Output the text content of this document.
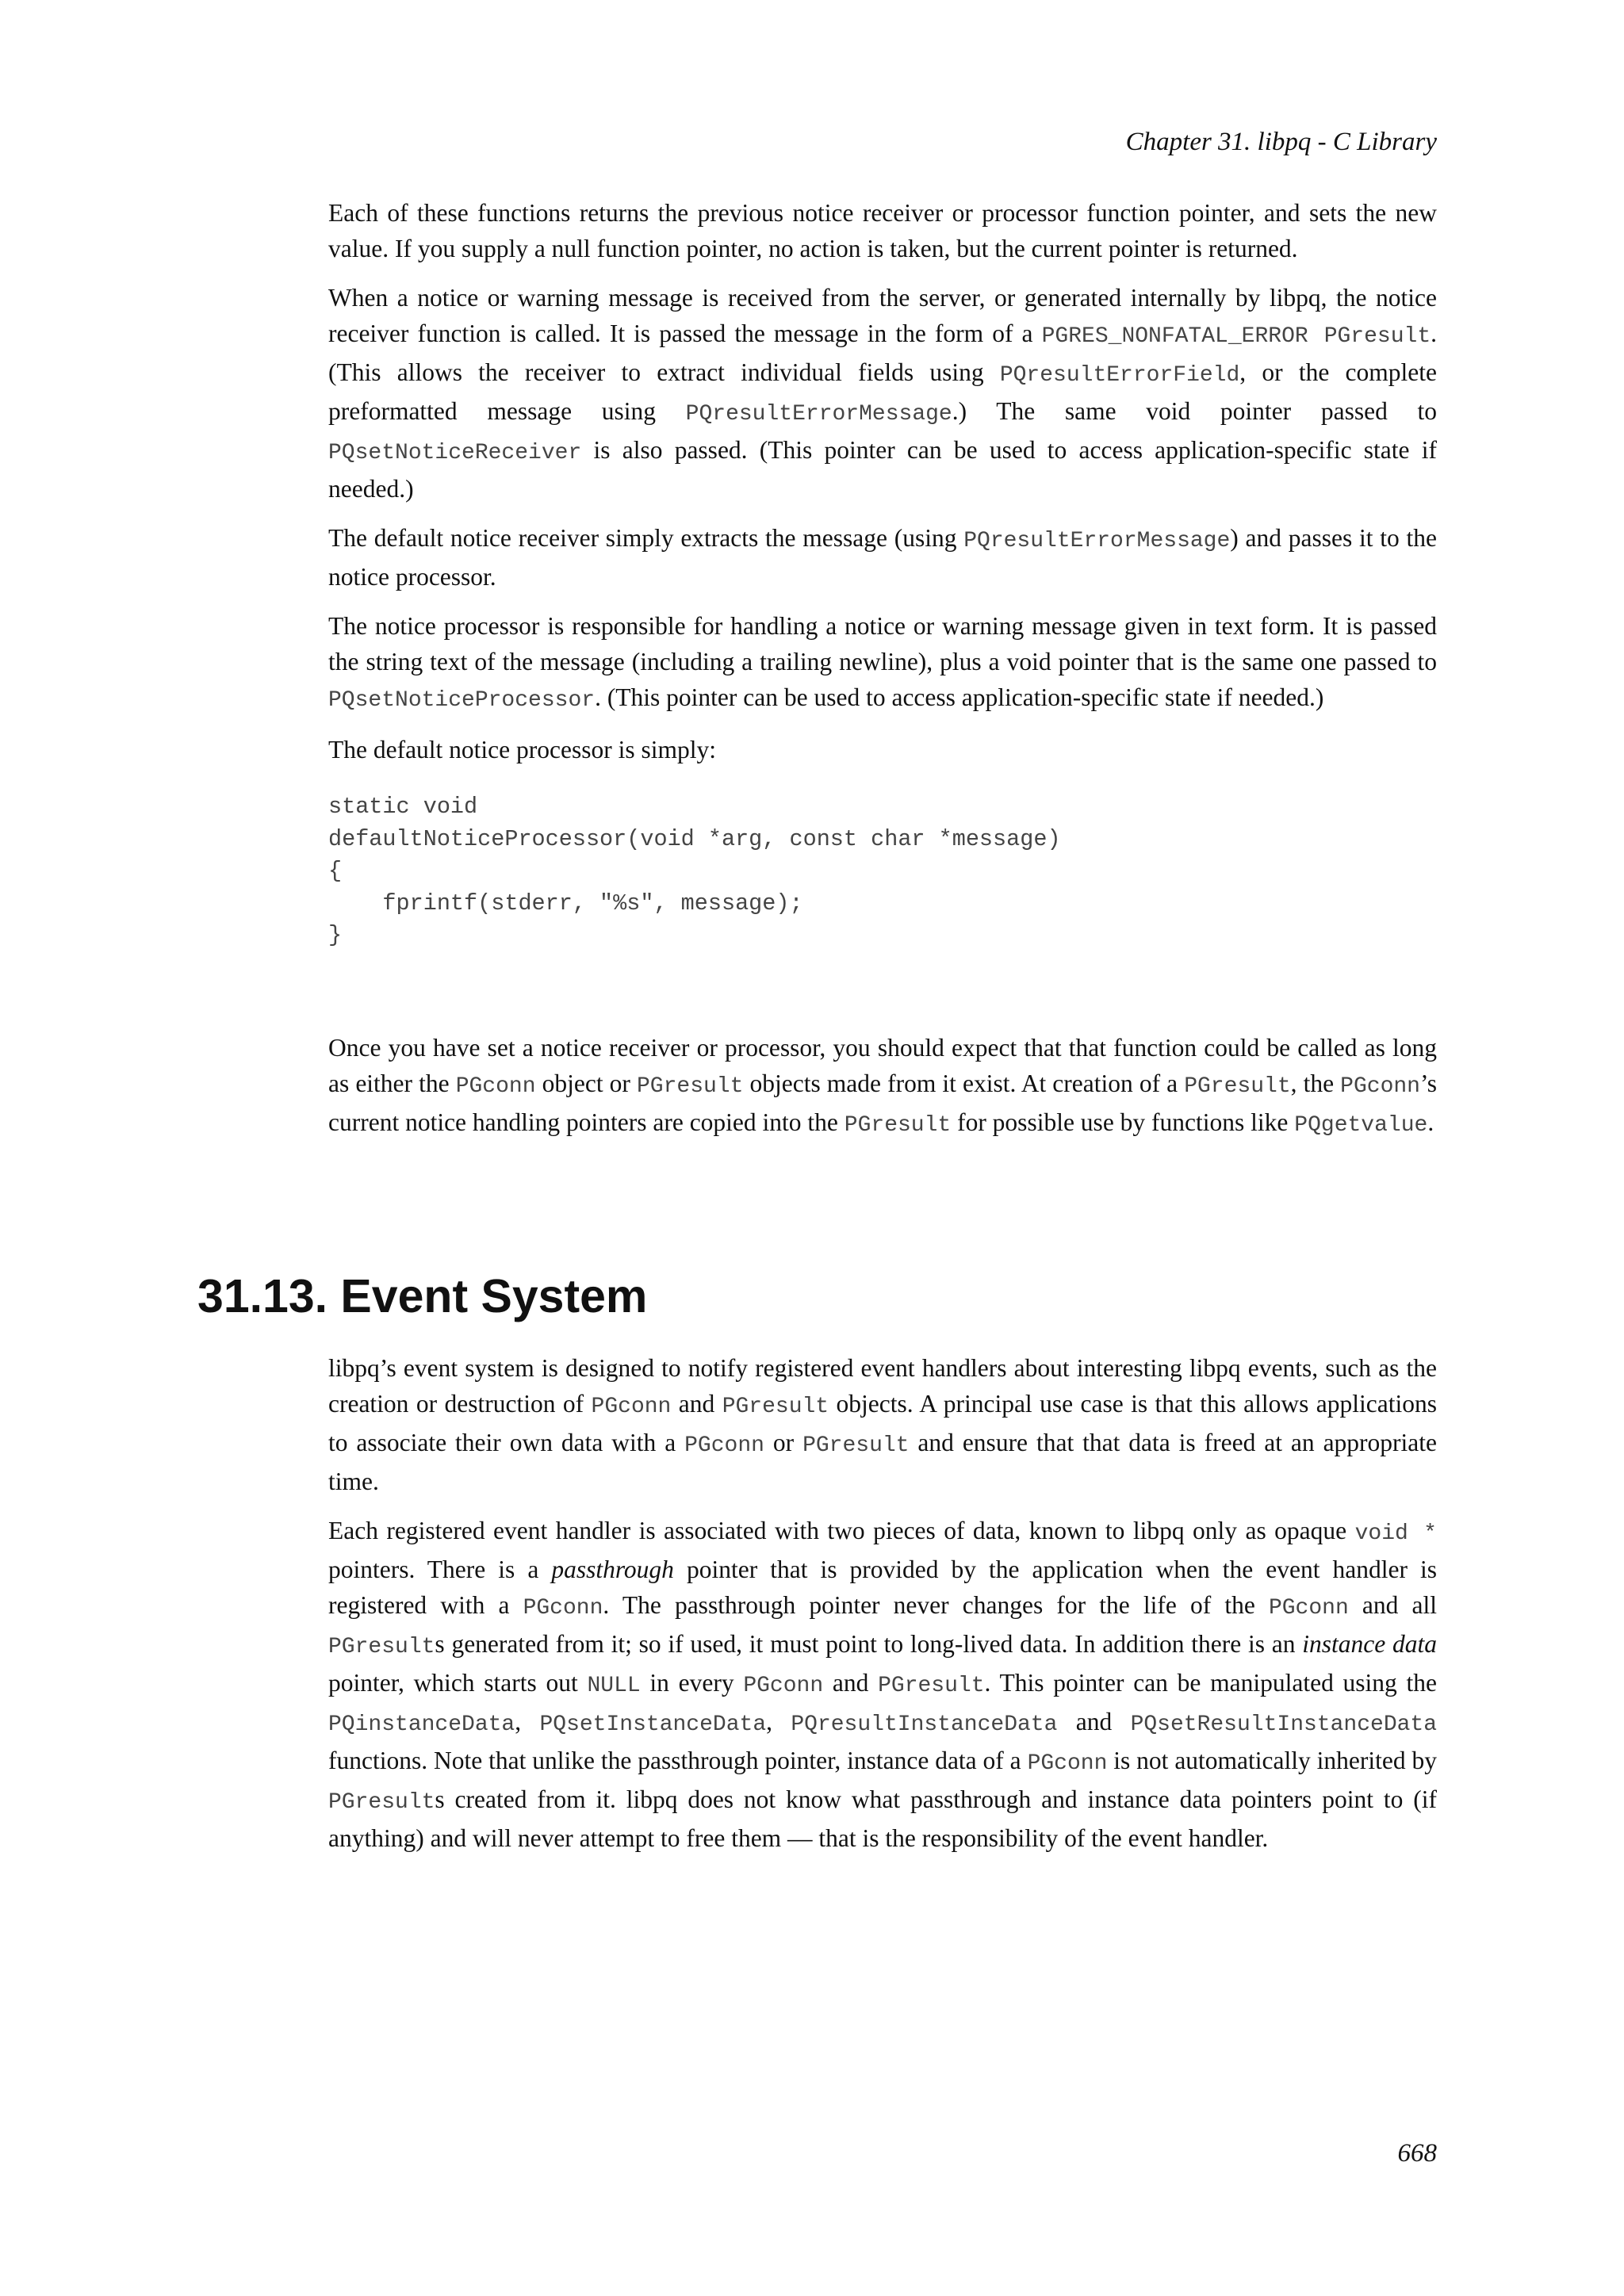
Chapter 31. libpq - C Library

Each of these functions returns the previous notice receiver or processor function pointer, and sets the new value. If you supply a null function pointer, no action is taken, but the current pointer is returned.

When a notice or warning message is received from the server, or generated internally by libpq, the notice receiver function is called. It is passed the message in the form of a PGRES_NONFATAL_ERROR PGresult. (This allows the receiver to extract individual fields using PQresultErrorField, or the complete preformatted message using PQresultErrorMessage.) The same void pointer passed to PQsetNoticeReceiver is also passed. (This pointer can be used to access application-specific state if needed.)

The default notice receiver simply extracts the message (using PQresultErrorMessage) and passes it to the notice processor.

The notice processor is responsible for handling a notice or warning message given in text form. It is passed the string text of the message (including a trailing newline), plus a void pointer that is the same one passed to PQsetNoticeProcessor. (This pointer can be used to access application-specific state if needed.)

The default notice processor is simply:

static void
defaultNoticeProcessor(void *arg, const char *message)
{
fprintf(stderr, "%s", message);
}

Once you have set a notice receiver or processor, you should expect that that function could be called as long as either the PGconn object or PGresult objects made from it exist. At creation of a PGresult, the PGconn’s current notice handling pointers are copied into the PGresult for possible use by functions like PQgetvalue.

31.13. Event System

libpq’s event system is designed to notify registered event handlers about interesting libpq events, such as the creation or destruction of PGconn and PGresult objects. A principal use case is that this allows applications to associate their own data with a PGconn or PGresult and ensure that that data is freed at an appropriate time.

Each registered event handler is associated with two pieces of data, known to libpq only as opaque void * pointers. There is a passthrough pointer that is provided by the application when the event handler is registered with a PGconn. The passthrough pointer never changes for the life of the PGconn and all PGresults generated from it; so if used, it must point to long-lived data. In addition there is an instance data pointer, which starts out NULL in every PGconn and PGresult. This pointer can be manipulated using the PQinstanceData, PQsetInstanceData, PQresultInstanceData and PQsetResultInstanceData functions. Note that unlike the passthrough pointer, instance data of a PGconn is not automatically inherited by PGresults created from it. libpq does not know what passthrough and instance data pointers point to (if anything) and will never attempt to free them — that is the responsibility of the event handler.

668
